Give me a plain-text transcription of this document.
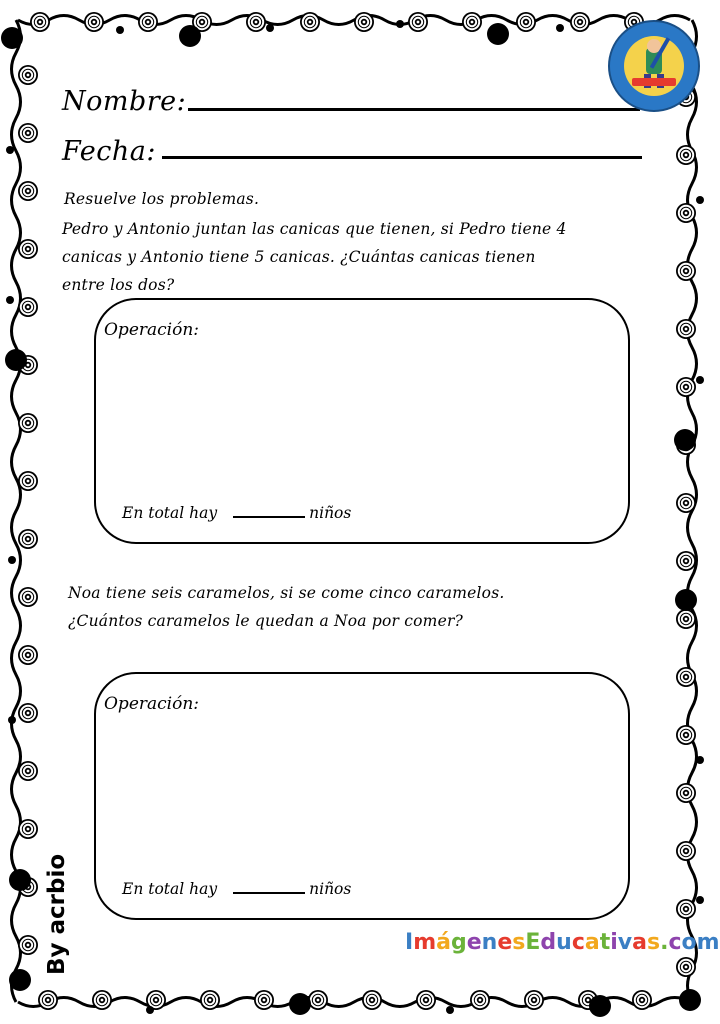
Nombre:
Fecha:
Resuelve los problemas.
Pedro y Antonio juntan las canicas que tienen, si Pedro tiene 4
canicas y Antonio tiene 5 canicas. ¿Cuántas canicas tienen
entre los dos?
Operación:
En total hay	niños
Noa tiene seis caramelos, si se come cinco caramelos.
¿Cuántos caramelos le quedan a Noa por comer?
Operación:
En total hay	niños
By acrbio	ImágenesEducativas.com
